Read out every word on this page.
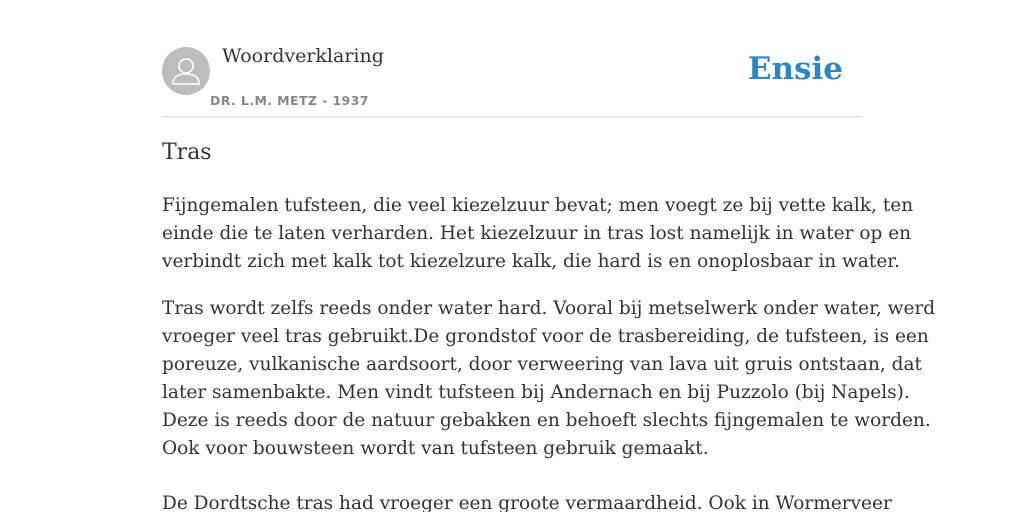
Woordverklaring
DR. L.M. METZ - 1937
Ensie
Tras

Fijngemalen tufsteen, die veel kiezelzuur bevat; men voegt ze bij vette kalk, ten
einde die te laten verharden. Het kiezelzuur in tras lost namelijk in water op en
verbindt zich met kalk tot kiezelzure kalk, die hard is en onoplosbaar in water.

Tras wordt zelfs reeds onder water hard. Vooral bij metselwerk onder water, werd
vroeger veel tras gebruikt.De grondstof voor de trasbereiding, de tufsteen, is een
poreuze, vulkanische aardsoort, door verweering van lava uit gruis ontstaan, dat
later samenbakte. Men vindt tufsteen bij Andernach en bij Puzzolo (bij Napels).
Deze is reeds door de natuur gebakken en behoeft slechts fijngemalen te worden.
Ook voor bouwsteen wordt van tufsteen gebruik gemaakt.
De Dordtsche tras had vroeger een groote vermaardheid. Ook in Wormerveer
